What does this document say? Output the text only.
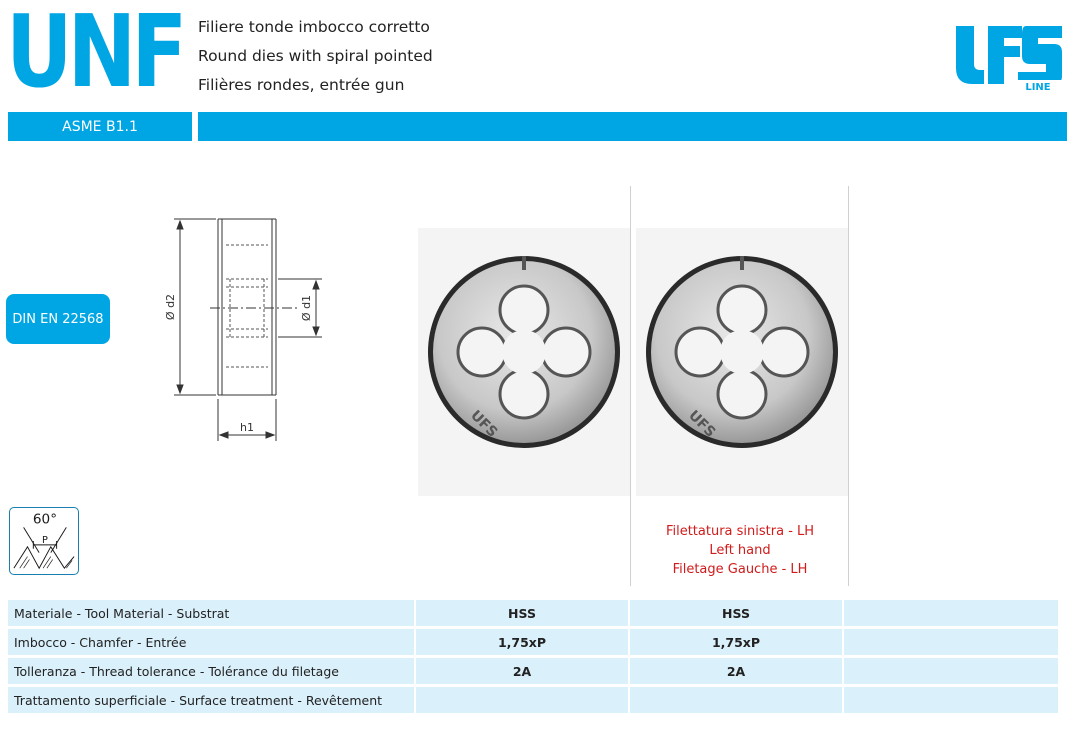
UNF Filiere tonde imbocco corretto
Round dies with spiral pointed
Filières rondes, entrée gun
ASME B1.1
LINE
DIN EN 22568	Ø d2	Ø d1
h1	UFS	UFS
Filettatura sinistra - LH
Left hand
Filetage Gauche - LH
60°
P
Materiale - Tool Material - Substrat	HSS	HSS
Imbocco - Chamfer - Entrée	1,75xP	1,75xP
Tolleranza - Thread tolerance - Tolérance du filetage	2A	2A
Trattamento superficiale - Surface treatment - Revêtement
